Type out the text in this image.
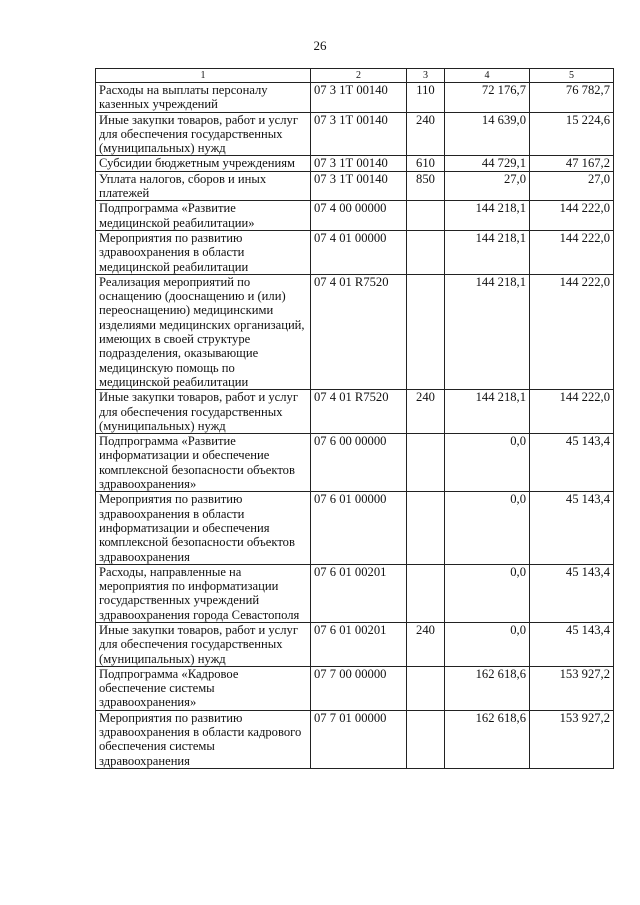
26
1	2	3	4	5
Расходы на выплаты персоналу казенных учреждений	07 3 1Т 00140	110	72 176,7	76 782,7
Иные закупки товаров, работ и услуг для обеспечения государственных (муниципальных) нужд	07 3 1Т 00140	240	14 639,0	15 224,6
Субсидии бюджетным учреждениям	07 3 1Т 00140	610	44 729,1	47 167,2
Уплата налогов, сборов и иных платежей	07 3 1Т 00140	850	27,0	27,0
Подпрограмма «Развитие медицинской реабилитации»	07 4 00 00000		144 218,1	144 222,0
Мероприятия по развитию здравоохранения в области медицинской реабилитации	07 4 01 00000		144 218,1	144 222,0
Реализация мероприятий по оснащению (дооснащению и (или) переоснащению) медицинскими изделиями медицинских организаций, имеющих в своей структуре подразделения, оказывающие медицинскую помощь по медицинской реабилитации	07 4 01 R7520		144 218,1	144 222,0
Иные закупки товаров, работ и услуг для обеспечения государственных (муниципальных) нужд	07 4 01 R7520	240	144 218,1	144 222,0
Подпрограмма «Развитие информатизации и обеспечение комплексной безопасности объектов здравоохранения»	07 6 00 00000		0,0	45 143,4
Мероприятия по развитию здравоохранения в области информатизации и обеспечения комплексной безопасности объектов здравоохранения	07 6 01 00000		0,0	45 143,4
Расходы, направленные на мероприятия по информатизации государственных учреждений здравоохранения города Севастополя	07 6 01 00201		0,0	45 143,4
Иные закупки товаров, работ и услуг для обеспечения государственных (муниципальных) нужд	07 6 01 00201	240	0,0	45 143,4
Подпрограмма «Кадровое обеспечение системы здравоохранения»	07 7 00 00000		162 618,6	153 927,2
Мероприятия по развитию здравоохранения в области кадрового обеспечения системы здравоохранения	07 7 01 00000		162 618,6	153 927,2
